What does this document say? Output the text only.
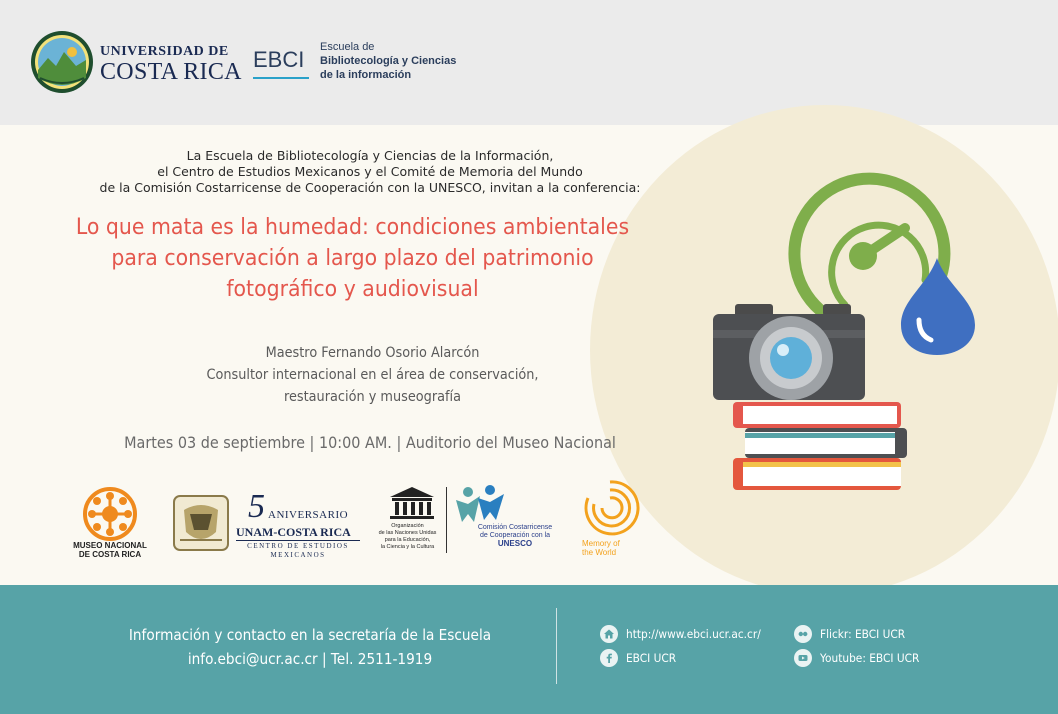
UNIVERSIDAD DE
COSTA RICA EBCI Escuela de
Bibliotecología y Ciencias
de la información
La Escuela de Bibliotecología y Ciencias de la Información,
el Centro de Estudios Mexicanos y el Comité de Memoria del Mundo
de la Comisión Costarricense de Cooperación con la UNESCO, invitan a la conferencia:
Lo que mata es la humedad: condiciones ambientales
para conservación a largo plazo del patrimonio
fotográfico y audiovisual
Maestro Fernando Osorio Alarcón
Consultor internacional en el área de conservación,
restauración y museografía
Martes 03 de septiembre | 10:00 AM. | Auditorio del Museo Nacional
MUSEO NACIONAL
DE COSTA RICA
5 ANIVERSARIO
UNAM-COSTA RICA
CENTRO DE ESTUDIOS
MEXICANOS
Organización
de las Naciones Unidas
para la Educación,
la Ciencia y la Cultura
Comisión Costarricense
de Cooperación con la
UNESCO	Memory of
the World
Información y contacto en la secretaría de la Escuela
info.ebci@ucr.ac.cr | Tel. 2511-1919
http://www.ebci.ucr.ac.cr/
EBCI UCR
Flickr: EBCI UCR
Youtube: EBCI UCR
